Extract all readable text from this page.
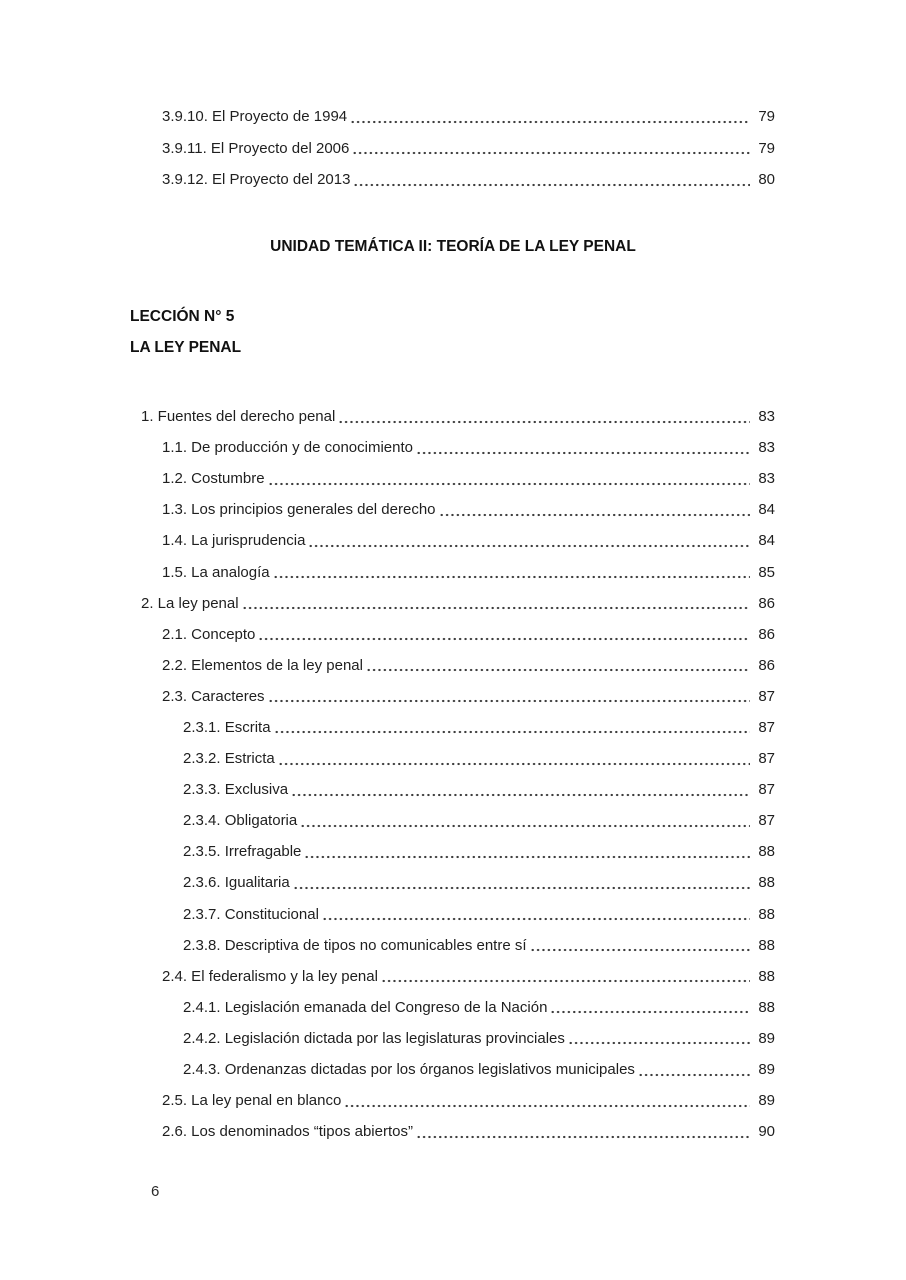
3.9.10. El Proyecto de 1994	79
3.9.11. El Proyecto del 2006	79
3.9.12. El Proyecto del 2013	80
UNIDAD TEMÁTICA II: TEORÍA DE LA LEY PENAL
LECCIÓN N° 5
LA LEY PENAL
1. Fuentes del derecho penal	83
1.1. De producción y de conocimiento	83
1.2. Costumbre	83
1.3. Los principios generales del derecho	84
1.4. La jurisprudencia	84
1.5. La analogía	85
2. La ley penal	86
2.1. Concepto	86
2.2. Elementos de la ley penal	86
2.3. Caracteres	87
2.3.1. Escrita	87
2.3.2. Estricta	87
2.3.3. Exclusiva	87
2.3.4. Obligatoria	87
2.3.5. Irrefragable	88
2.3.6. Igualitaria	88
2.3.7. Constitucional	88
2.3.8. Descriptiva de tipos no comunicables entre sí	88
2.4. El federalismo y la ley penal	88
2.4.1. Legislación emanada del Congreso de la Nación	88
2.4.2. Legislación dictada por las legislaturas provinciales	89
2.4.3. Ordenanzas dictadas por los órganos legislativos municipales	89
2.5. La ley penal en blanco	89
2.6. Los denominados “tipos abiertos”	90
6
